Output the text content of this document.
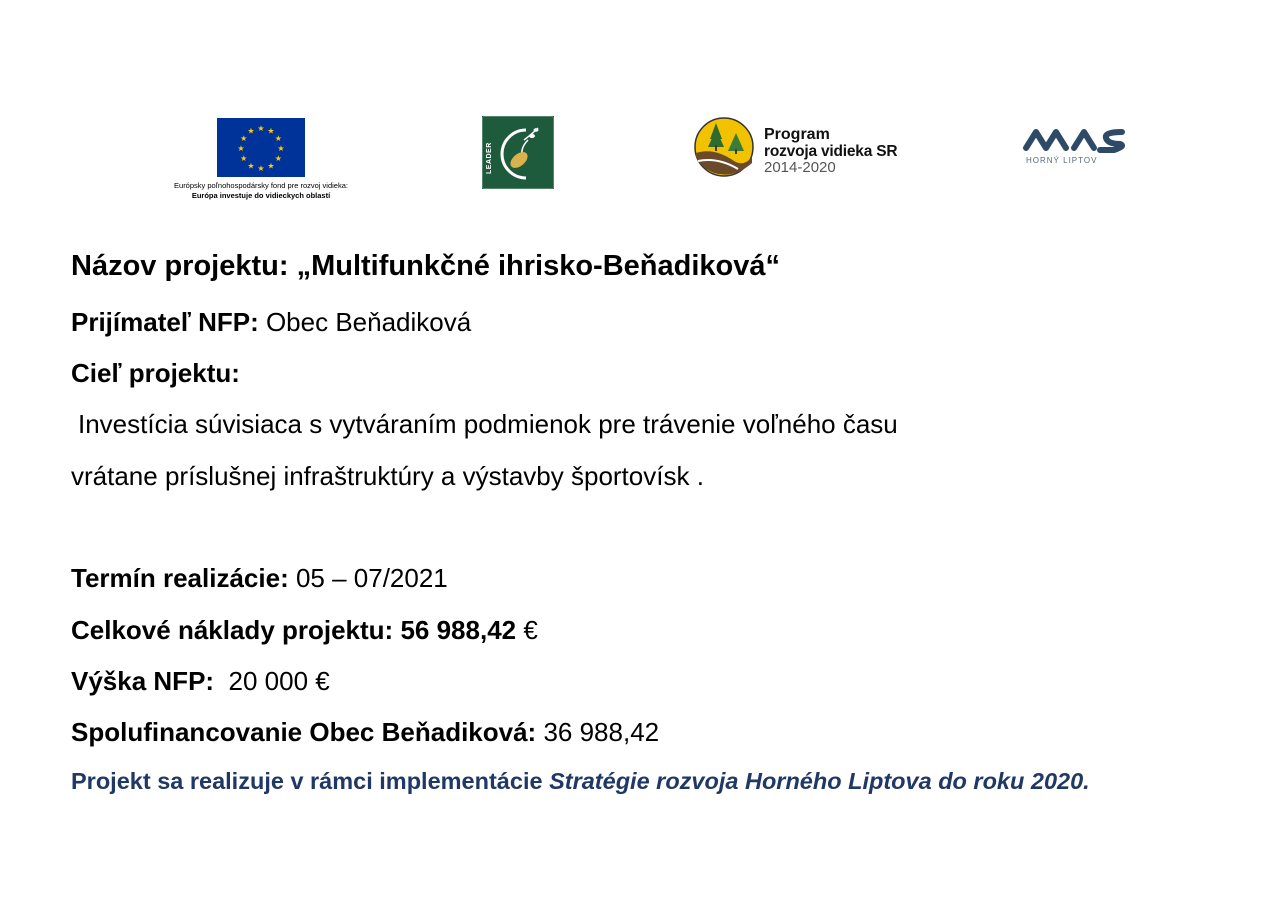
★ ★
★
★
★
★
★
★
★
★
★
★
Európsky poľnohospodársky fond pre rozvoj vidieka:
Európa investuje do vidieckych oblastí
LEADER
Program
rozvoja vidieka SR
2014-2020	HORNÝ LIPTOV
Názov projektu: „Multifunkčné ihrisko-Beňadiková“
Prijímateľ NFP: Obec Beňadiková
Cieľ projektu:
Investícia súvisiaca s vytváraním podmienok pre trávenie voľného času
vrátane príslušnej infraštruktúry a výstavby športovísk .
Termín realizácie: 05 – 07/2021
Celkové náklady projektu: 56 988,42 €
Výška NFP:  20 000 €
Spolufinancovanie Obec Beňadiková: 36 988,42
Projekt sa realizuje v rámci implementácie Stratégie rozvoja Horného Liptova do roku 2020.
